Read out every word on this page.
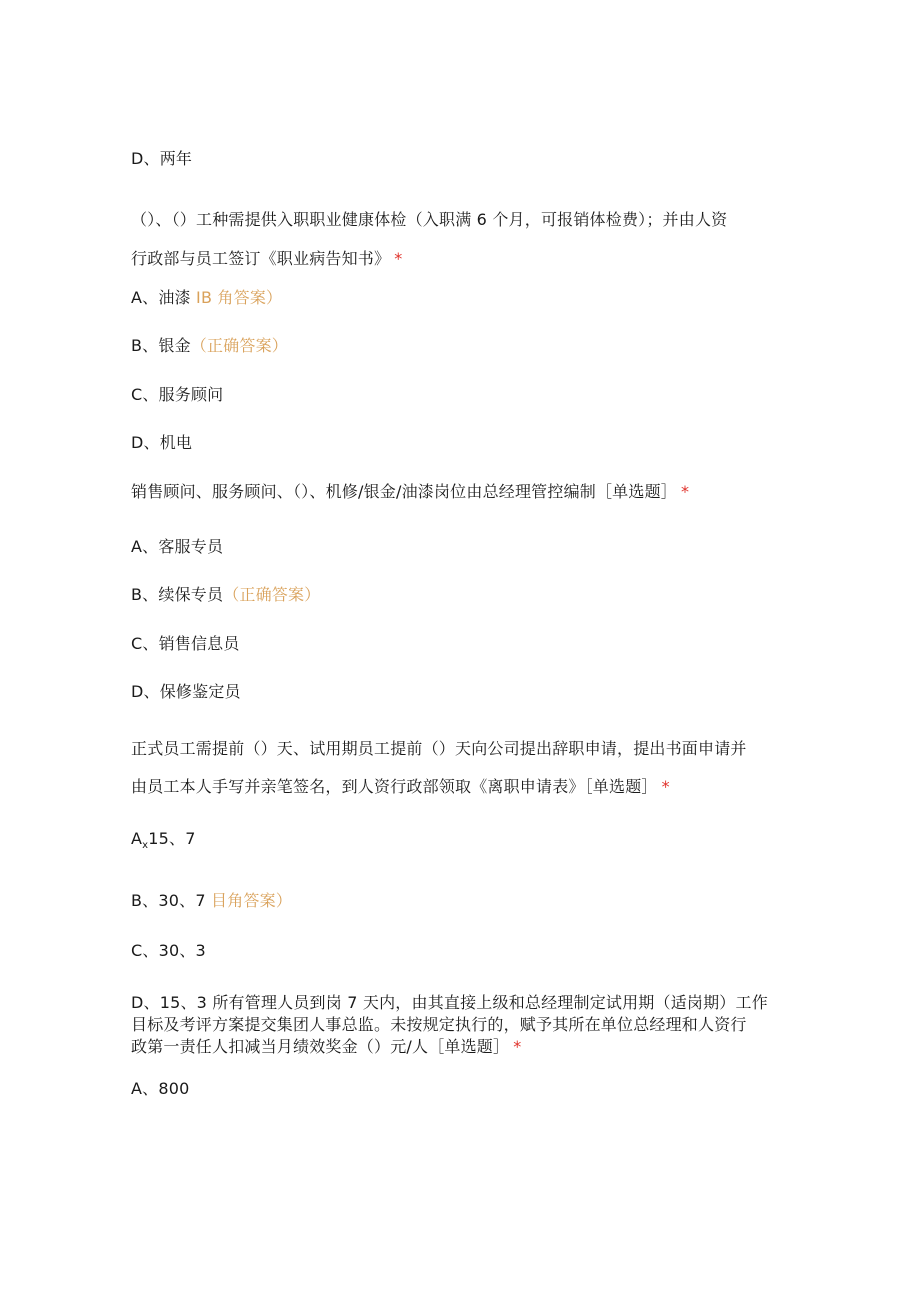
D、两年
（）、（）工种需提供入职职业健康体检（入职满 6 个月，可报销体检费）；并由人资
行政部与员工签订《职业病告知书》 *
A、油漆 IB 角答案）
B、银金（正确答案）
C、服务顾问
D、机电
销售顾问、服务顾问、（）、机修/银金/油漆岗位由总经理管控编制［单选题］ *
A、客服专员
B、续保专员（正确答案）
C、销售信息员
D、保修鉴定员
正式员工需提前（）天、试用期员工提前（）天向公司提出辞职申请，提出书面申请并
由员工本人手写并亲笔签名，到人资行政部领取《离职申请表》［单选题］ *
$A_x15$、7
B、30、7 目角答案）
C、30、3
D、15、3 所有管理人员到岗 7 天内，由其直接上级和总经理制定试用期（适岗期）工作
目标及考评方案提交集团人事总监。未按规定执行的，赋予其所在单位总经理和人资行
政第一责任人扣减当月绩效奖金（）元/人［单选题］ *
A、800
